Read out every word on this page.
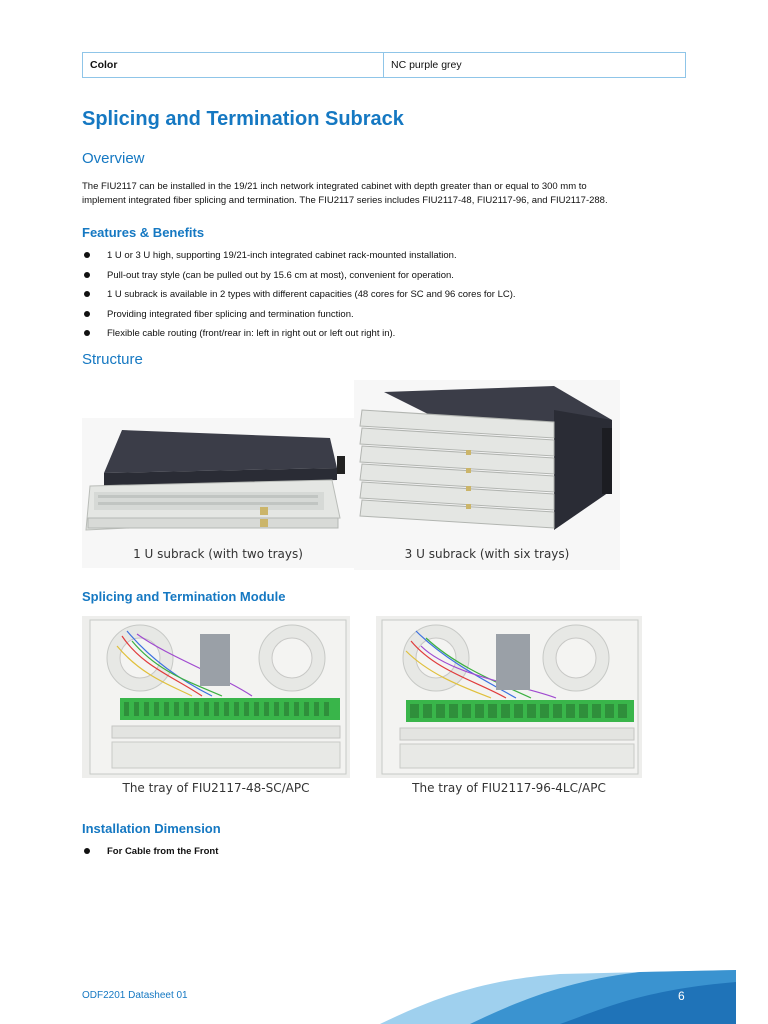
Color	NC purple grey
Splicing and Termination Subrack
Overview
The FIU2117 can be installed in the 19/21 inch network integrated cabinet with depth greater than or equal to 300 mm to
implement integrated fiber splicing and termination. The FIU2117 series includes FIU2117-48, FIU2117-96, and FIU2117-288.
Features & Benefits
1 U or 3 U high, supporting 19/21-inch integrated cabinet rack-mounted installation.
Pull-out tray style (can be pulled out by 15.6 cm at most), convenient for operation.
1 U subrack is available in 2 types with different capacities (48 cores for SC and 96 cores for LC).
Providing integrated fiber splicing and termination function.
Flexible cable routing (front/rear in: left in right out or left out right in).
Structure
1 U subrack (with two trays)	3 U subrack (with six trays)
Splicing and Termination Module
The tray of FIU2117-48-SC/APC	The tray of FIU2117-96-4LC/APC
Installation Dimension
For Cable from the Front
ODF2201 Datasheet 01	6
